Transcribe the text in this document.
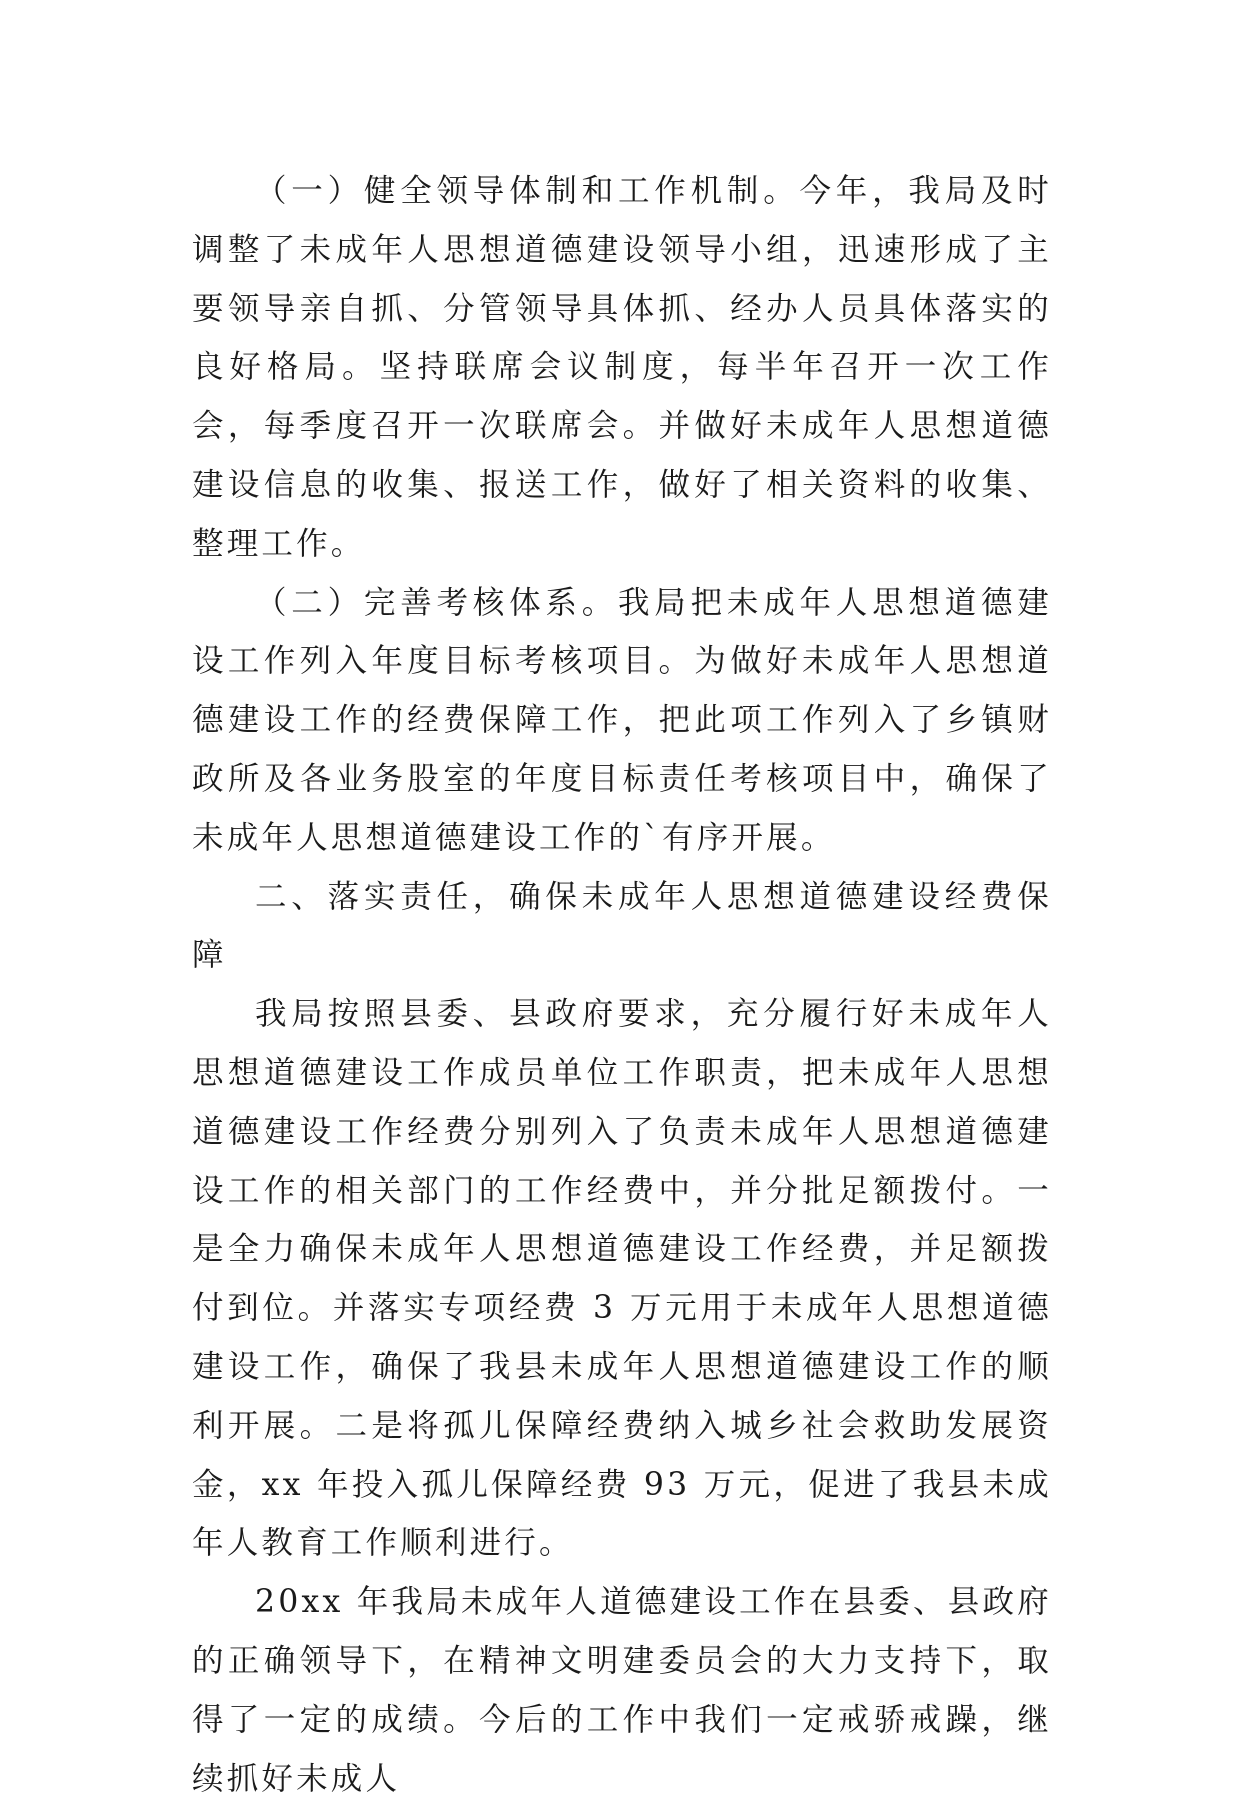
（一）健全领导体制和工作机制。今年，我局及时调整了未成年人思想道德建设领导小组，迅速形成了主要领导亲自抓、分管领导具体抓、经办人员具体落实的良好格局。坚持联席会议制度，每半年召开一次工作会，每季度召开一次联席会。并做好未成年人思想道德建设信息的收集、报送工作，做好了相关资料的收集、整理工作。

（二）完善考核体系。我局把未成年人思想道德建设工作列入年度目标考核项目。为做好未成年人思想道德建设工作的经费保障工作，把此项工作列入了乡镇财政所及各业务股室的年度目标责任考核项目中，确保了未成年人思想道德建设工作的`有序开展。

二、落实责任，确保未成年人思想道德建设经费保障

我局按照县委、县政府要求，充分履行好未成年人思想道德建设工作成员单位工作职责，把未成年人思想道德建设工作经费分别列入了负责未成年人思想道德建设工作的相关部门的工作经费中，并分批足额拨付。一是全力确保未成年人思想道德建设工作经费，并足额拨付到位。并落实专项经费 3 万元用于未成年人思想道德建设工作，确保了我县未成年人思想道德建设工作的顺利开展。二是将孤儿保障经费纳入城乡社会救助发展资金，xx 年投入孤儿保障经费 93 万元，促进了我县未成年人教育工作顺利进行。

20xx 年我局未成年人道德建设工作在县委、县政府的正确领导下，在精神文明建委员会的大力支持下，取得了一定的成绩。今后的工作中我们一定戒骄戒躁，继续抓好未成人
